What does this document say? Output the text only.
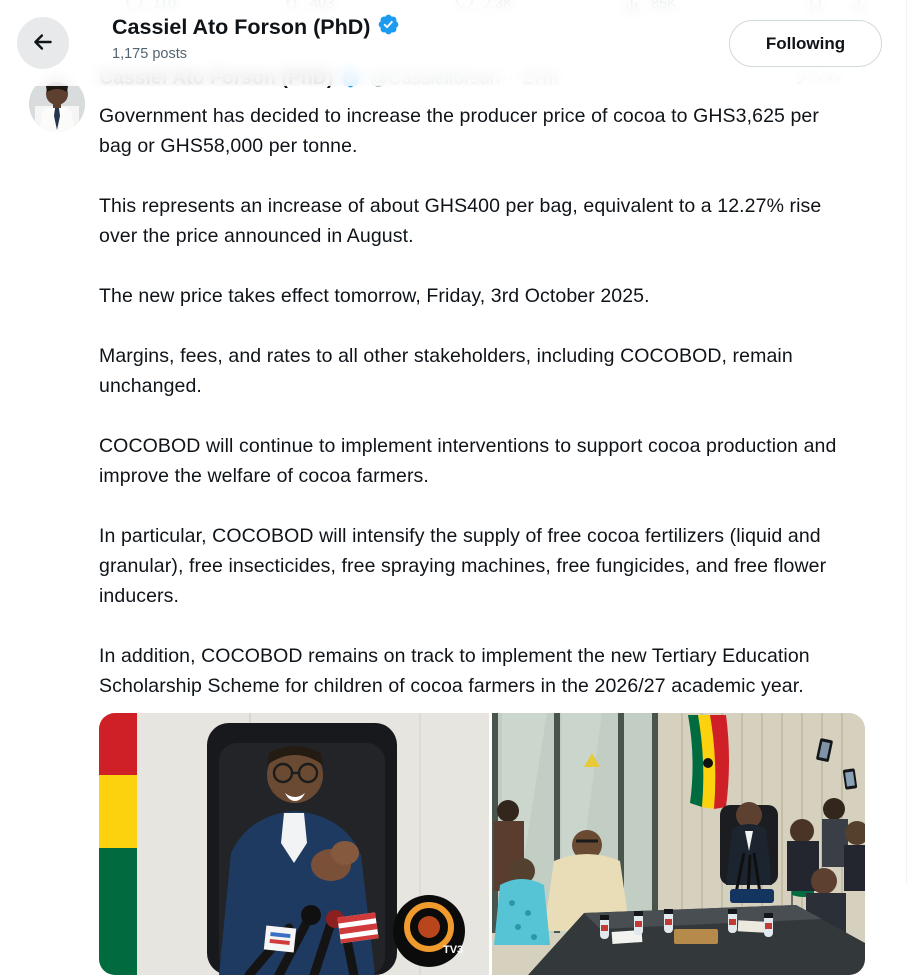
Government has decided to increase the producer price of cocoa to GHS3,625 per bag or GHS58,000 per tonne.

This represents an increase of about GHS400 per bag, equivalent to a 12.27% rise over the price announced in August.

The new price takes effect tomorrow, Friday, 3rd October 2025.

Margins, fees, and rates to all other stakeholders, including COCOBOD, remain unchanged.

COCOBOD will continue to implement interventions to support cocoa production and improve the welfare of cocoa farmers.

In particular, COCOBOD will intensify the supply of free cocoa fertilizers (liquid and granular), free insecticides, free spraying machines, free fungicides, and free flower inducers.

In addition, COCOBOD remains on track to implement the new Tertiary Education Scholarship Scheme for children of cocoa farmers in the 2026/27 academic year.

TV3
Cassiel Ato Forson (PhD)
1,175 posts
Following
